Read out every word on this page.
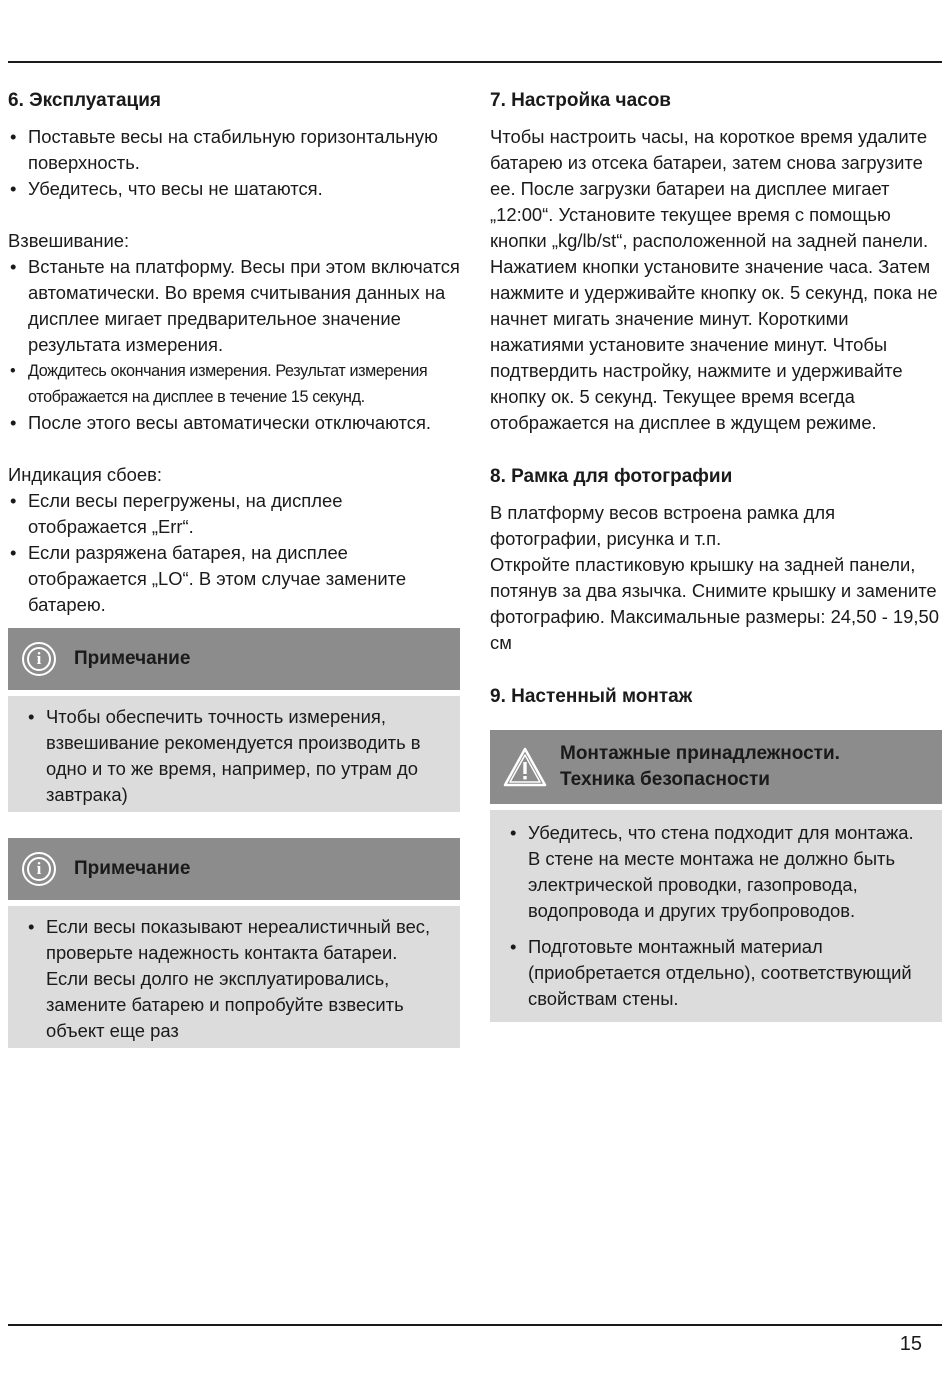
6. Эксплуатация
• Поставьте весы на стабильную горизонтальную поверхность.
• Убедитесь, что весы не шатаются.

Взвешивание:

• Встаньте на платформу. Весы при этом включатся автоматически. Во время считывания данных на дисплее мигает предварительное значение результата измерения.
• Дождитесь окончания измерения. Результат измерения отображается на дисплее в течение 15 секунд.
• После этого весы автоматически отключаются.

Индикация сбоев:

• Если весы перегружены, на дисплее отображается „Err“.
• Если разряжена батарея, на дисплее отображается „LO“. В этом случае замените батарею.
i	Примечание
• Чтобы обеспечить точность измерения, взвешивание рекомендуется производить в одно и то же время, например, по утрам до завтрака)
i	Примечание
• Если весы показывают нереалистичный вес, проверьте надежность контакта батареи. Если весы долго не эксплуатировались, замените батарею и попробуйте взвесить объект еще раз
7. Настройка часов

Чтобы настроить часы, на короткое время удалите батарею из отсека батареи, затем снова загрузите ее. После загрузки батареи на дисплее мигает „12:00“. Установите текущее время с помощью кнопки „kg/lb/st“, расположенной на задней панели. Нажатием кнопки установите значение часа. Затем нажмите и удерживайте кнопку ок. 5 секунд, пока не начнет мигать значение минут. Короткими нажатиями установите значение минут. Чтобы подтвердить настройку, нажмите и удерживайте кнопку ок. 5 секунд. Текущее время всегда отображается на дисплее в ждущем режиме.

8. Рамка для фотографии

В платформу весов встроена рамка для фотографии, рисунка и т.п.

Откройте пластиковую крышку на задней панели, потянув за два язычка. Снимите крышку и замените фотографию. Максимальные размеры: 24,50 - 19,50 см

9. Настенный монтаж
Монтажные принадлежности.
Техника безопасности
• Убедитесь, что стена подходит для монтажа. В стене на месте монтажа не должно быть электрической проводки, газопровода, водопровода и других трубопроводов.
• Подготовьте монтажный материал (приобретается отдельно), соответствующий свойствам стены.
15
